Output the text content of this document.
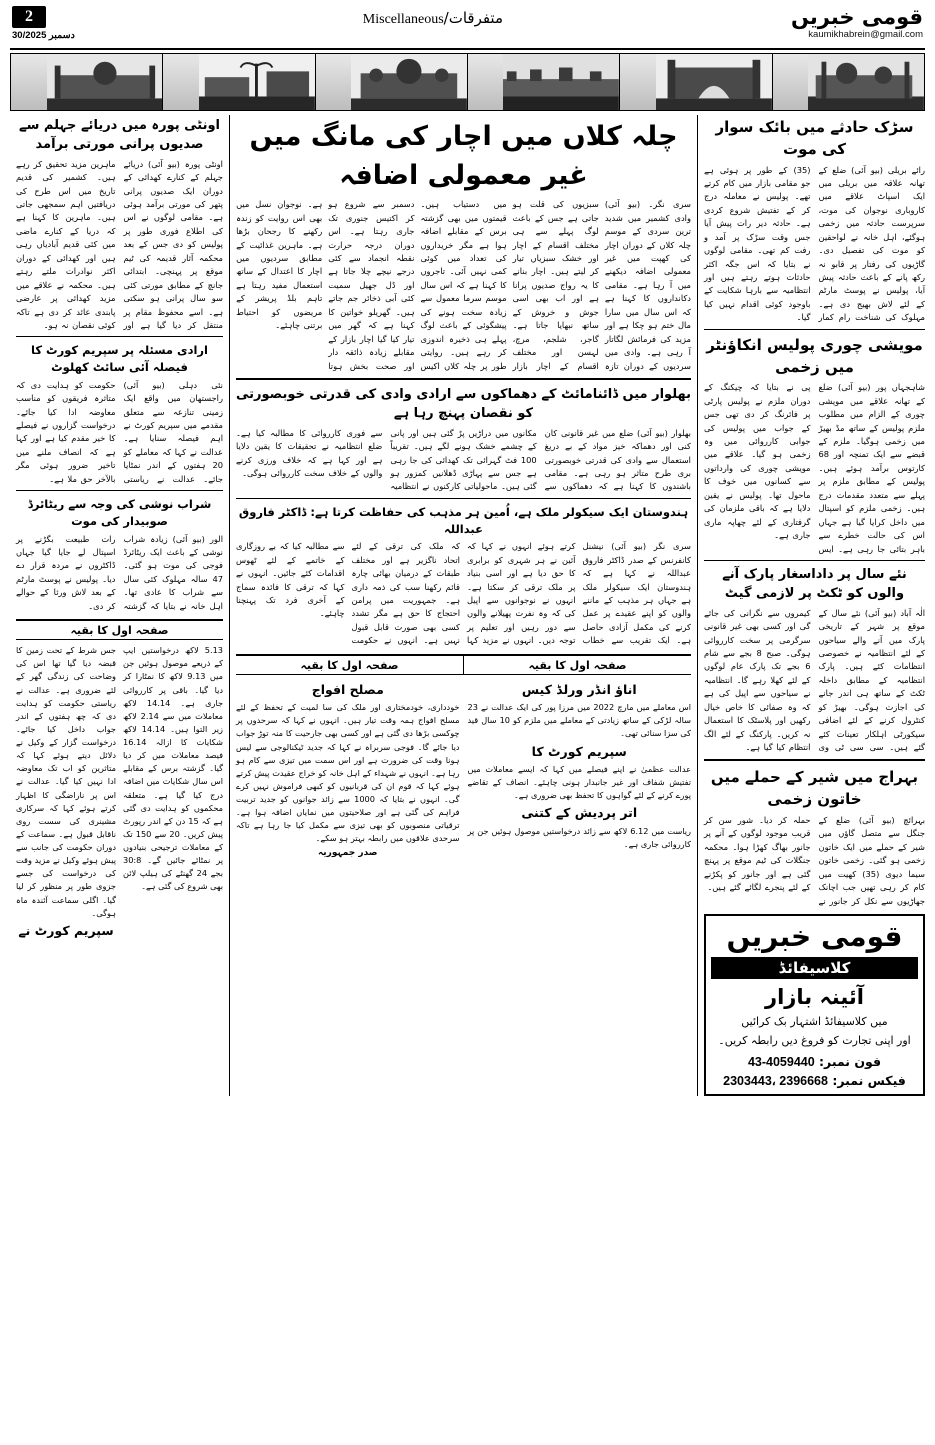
قومی خبریں
kaumikhabrein@gmail.com
متفرقات/Miscellaneous
2
30/دسمبر 2025
سڑک حادثے میں بائک سوار کی موت
رائے بریلی (بیو آئی) ضلع کے تھانہ علاقہ میں بریلی میں ایک اسپاٹ علاقے میں کاروباری نوجوان کی موت، سرپرست حادثہ میں زخمی ہوگئے، اہل خانہ نے لواحقین کو موت کی تفصیل دی۔ گاڑیوں کی رفتار پر قابو نہ رکھ پانے کے باعث حادثہ پیش آیا، پولیس نے پوسٹ مارٹم کے لئے لاش بھیج دی ہے۔ مہلوک کی شناخت رام کمار (35) کے طور پر ہوئی ہے جو مقامی بازار میں کام کرتے تھے۔ پولیس نے معاملہ درج کر کے تفتیش شروع کردی ہے۔ حادثہ دیر رات پیش آیا جس وقت سڑک پر آمد و رفت کم تھی۔ مقامی لوگوں نے بتایا کہ اس جگہ اکثر حادثات ہوتے رہتے ہیں اور انتظامیہ سے بارہا شکایت کے باوجود کوئی اقدام نہیں کیا گیا۔
مویشی چوری پولیس انکاؤنٹر میں زخمی
شاہجہاں پور (بیو آئی) ضلع کے تھانہ علاقے میں مویشی چوری کے الزام میں مطلوب ملزم پولیس کے ساتھ مڈ بھیڑ میں زخمی ہوگیا۔ ملزم کے قبضے سے ایک تمنچہ اور 68 کارتوس برآمد ہوئے ہیں۔ پولیس کے مطابق ملزم پر پہلے سے متعدد مقدمات درج ہیں۔ زخمی ملزم کو اسپتال میں داخل کرایا گیا ہے جہاں اس کی حالت خطرے سے باہر بتائی جا رہی ہے۔ ایس پی نے بتایا کہ چیکنگ کے دوران ملزم نے پولیس پارٹی پر فائرنگ کر دی تھی جس کے جواب میں پولیس کی جوابی کارروائی میں وہ زخمی ہو گیا۔ علاقے میں مویشی چوری کی وارداتوں سے کسانوں میں خوف کا ماحول تھا۔ پولیس نے یقین دلایا ہے کہ باقی ملزمان کی گرفتاری کے لئے چھاپہ ماری جاری ہے۔
نئے سال پر داداسغار پارک آنے والوں کو ٹکٹ پر لازمی گیٹ
الٰہ آباد (بیو آئی) نئے سال کے موقع پر شہر کے تاریخی پارک میں آنے والے سیاحوں کے لئے انتظامیہ نے خصوصی انتظامات کئے ہیں۔ پارک انتظامیہ کے مطابق داخلہ ٹکٹ کے ساتھ ہی اندر جانے کی اجازت ہوگی۔ بھیڑ کو کنٹرول کرنے کے لئے اضافی سیکورٹی اہلکار تعینات کئے گئے ہیں۔ سی سی ٹی وی کیمروں سے نگرانی کی جائے گی اور کسی بھی غیر قانونی سرگرمی پر سخت کارروائی ہوگی۔ صبح 8 بجے سے شام 6 بجے تک پارک عام لوگوں کے لئے کھلا رہے گا۔ انتظامیہ نے سیاحوں سے اپیل کی ہے کہ وہ صفائی کا خاص خیال رکھیں اور پلاسٹک کا استعمال نہ کریں۔ پارکنگ کے لئے الگ انتظام کیا گیا ہے۔
بہراج میں شیر کے حملے میں خاتون زخمی
بہرائچ (بیو آئی) ضلع کے جنگل سے متصل گاؤں میں شیر کے حملے میں ایک خاتون زخمی ہو گئی۔ زخمی خاتون سیما دیوی (35) کھیت میں کام کر رہی تھیں جب اچانک جھاڑیوں سے نکل کر جانور نے حملہ کر دیا۔ شور سن کر قریب موجود لوگوں کے آنے پر جانور بھاگ کھڑا ہوا۔ محکمہ جنگلات کی ٹیم موقع پر پہنچ گئی ہے اور جانور کو پکڑنے کے لئے پنجرے لگائے گئے ہیں۔
قومی خبریں
کلاسیفائڈ
آئینہ بازار
میں کلاسیفائڈ اشتہار بک کرائیں
اور اپنی تجارت کو فروغ دیں رابطہ کریں۔
فون نمبر: 43-4059440
فیکس نمبر: 2303443، 2396668
چلہ کلاں میں اچار کی مانگ میں غیر معمولی اضافہ
سری نگر۔ (بیو آئی) وادی کشمیر میں شدید ترین سردی کے موسم چلہ کلاں کے دوران اچار کی کھپت میں غیر معمولی اضافہ دیکھنے میں آ رہا ہے۔ مقامی دکانداروں کا کہنا ہے کہ اس سال میں سارا مال ختم ہو چکا ہے اور مزید کی فرمائش لگاتار آ رہی ہے۔ وادی میں سردیوں کے دوران تازہ سبزیوں کی قلت ہو جاتی ہے جس کے باعث لوگ پہلے سے ہی مختلف اقسام کے اچار اور خشک سبزیاں تیار کر لیتے ہیں۔ اچار بنانے کا یہ رواج صدیوں پرانا ہے اور اب بھی اسی جوش و خروش کے ساتھ نبھایا جاتا ہے۔ گاجر، شلجم، مرچ، لہسن اور مختلف اقسام کے اچار بازار میں دستیاب ہیں۔ قیمتوں میں بھی گزشتہ برس کے مقابلے اضافہ ہوا ہے مگر خریداروں کی تعداد میں کوئی کمی نہیں آئی۔ تاجروں کا کہنا ہے کہ اس سال موسم سرما معمول سے زیادہ سخت ہونے کی پیشگوئی کے باعث لوگ پہلے ہی ذخیرہ اندوزی کر رہے ہیں۔ روایتی طور پر چلہ کلاں اکیس دسمبر سے شروع ہو کر اکتیس جنوری تک جاری رہتا ہے۔ اس دوران درجہ حرارت نقطہ انجماد سے کئی درجے نیچے چلا جاتا ہے اور ڈل جھیل سمیت کئی آبی ذخائر جم جاتے ہیں۔ گھریلو خواتین کا کہنا ہے کہ گھر میں تیار کیا گیا اچار بازار کے مقابلے زیادہ ذائقہ دار اور صحت بخش ہوتا ہے۔ نوجوان نسل میں بھی اس روایت کو زندہ رکھنے کا رجحان بڑھا ہے۔ ماہرین غذائیت کے مطابق سردیوں میں اچار کا اعتدال کے ساتھ استعمال مفید رہتا ہے تاہم بلڈ پریشر کے مریضوں کو احتیاط برتنی چاہئے۔
بھلوار میں ڈائنامائٹ کے دھماکوں سے ارادی وادی کی قدرتی خوبصورتی کو نقصان پہنچ رہا ہے
بھلوار (بیو آئی) ضلع میں غیر قانونی کان کنی اور دھماکہ خیز مواد کے بے دریغ استعمال سے وادی کی قدرتی خوبصورتی بری طرح متاثر ہو رہی ہے۔ مقامی باشندوں کا کہنا ہے کہ دھماکوں سے مکانوں میں دراڑیں پڑ گئی ہیں اور پانی کے چشمے خشک ہونے لگے ہیں۔ تقریباً 100 فٹ گہرائی تک کھدائی کی جا رہی ہے جس سے پہاڑی ڈھلانیں کمزور ہو گئی ہیں۔ ماحولیاتی کارکنوں نے انتظامیہ سے فوری کارروائی کا مطالبہ کیا ہے۔ ضلع انتظامیہ نے تحقیقات کا یقین دلایا ہے اور کہا ہے کہ خلاف ورزی کرنے والوں کے خلاف سخت کارروائی ہوگی۔
ہندوستان ایک سیکولر ملک ہے، اُمین ہر مذہب کی حفاظت کرتا ہے: ڈاکٹر فاروق عبداللہ
سری نگر (بیو آئی) نیشنل کانفرنس کے صدر ڈاکٹر فاروق عبداللہ نے کہا ہے کہ ہندوستان ایک سیکولر ملک ہے جہاں ہر مذہب کے ماننے والوں کو اپنے عقیدے پر عمل کرنے کی مکمل آزادی حاصل ہے۔ ایک تقریب سے خطاب کرتے ہوئے انہوں نے کہا کہ آئین نے ہر شہری کو برابری کا حق دیا ہے اور اسی بنیاد پر ملک ترقی کر سکتا ہے۔ انہوں نے نوجوانوں سے اپیل کی کہ وہ نفرت پھیلانے والوں سے دور رہیں اور تعلیم پر توجہ دیں۔ انہوں نے مزید کہا کہ ملک کی ترقی کے لئے اتحاد ناگزیر ہے اور مختلف طبقات کے درمیان بھائی چارہ قائم رکھنا سب کی ذمہ داری ہے۔ جمہوریت میں پرامن احتجاج کا حق ہے مگر تشدد کسی بھی صورت قابل قبول نہیں ہے۔ انہوں نے حکومت سے مطالبہ کیا کہ بے روزگاری کے خاتمے کے لئے ٹھوس اقدامات کئے جائیں۔ انہوں نے کہا کہ ترقی کا فائدہ سماج کے آخری فرد تک پہنچنا چاہئے۔
صفحہ اول کا بقیہ
صفحہ اول کا بقیہ
اناؤ انڈر ورلڈ کیس
اس معاملے میں مارچ 2022 میں مرزا پور کی ایک عدالت نے 23 سالہ لڑکی کے ساتھ زیادتی کے معاملے میں ملزم کو 10 سال قید کی سزا سنائی تھی۔
سپریم کورٹ کا
عدالت عظمیٰ نے اپنے فیصلے میں کہا کہ ایسے معاملات میں تفتیش شفاف اور غیر جانبدار ہونی چاہئے۔ انصاف کے تقاضے پورے کرنے کے لئے گواہوں کا تحفظ بھی ضروری ہے۔
اتر پردیش کے کتنی
ریاست میں 6.12 لاکھ سے زائد درخواستیں موصول ہوئیں جن پر کارروائی جاری ہے۔
مصلح افواج
خودداری، خودمختاری اور ملک کی سا لمیت کے تحفظ کے لئے مسلح افواج ہمہ وقت تیار ہیں۔ انہوں نے کہا کہ سرحدوں پر چوکسی بڑھا دی گئی ہے اور کسی بھی جارحیت کا منہ توڑ جواب دیا جائے گا۔ فوجی سربراہ نے کہا کہ جدید ٹیکنالوجی سے لیس ہونا وقت کی ضرورت ہے اور اس سمت میں تیزی سے کام ہو رہا ہے۔ انہوں نے شہداء کے اہل خانہ کو خراج عقیدت پیش کرتے ہوئے کہا کہ قوم ان کی قربانیوں کو کبھی فراموش نہیں کرے گی۔ انہوں نے بتایا کہ 1000 سے زائد جوانوں کو جدید تربیت فراہم کی گئی ہے اور صلاحیتوں میں نمایاں اضافہ ہوا ہے۔ ترقیاتی منصوبوں کو بھی تیزی سے مکمل کیا جا رہا ہے تاکہ سرحدی علاقوں میں رابطہ بہتر ہو سکے۔
صدر جمہوریہ
اونٹی پورہ میں دریائے جہلم سے صدیوں پرانی مورتی برآمد
اونٹی پورہ (بیو آئی) دریائے جہلم کے کنارے کھدائی کے دوران ایک صدیوں پرانی پتھر کی مورتی برآمد ہوئی ہے۔ مقامی لوگوں نے اس کی اطلاع فوری طور پر پولیس کو دی جس کے بعد محکمہ آثار قدیمہ کی ٹیم موقع پر پہنچی۔ ابتدائی جانچ کے مطابق مورتی کئی سو سال پرانی ہو سکتی ہے۔ اسے محفوظ مقام پر منتقل کر دیا گیا ہے اور ماہرین مزید تحقیق کر رہے ہیں۔ کشمیر کی قدیم تاریخ میں اس طرح کی دریافتیں اہم سمجھی جاتی ہیں۔ ماہرین کا کہنا ہے کہ دریا کے کنارے ماضی میں کئی قدیم آبادیاں رہی ہیں اور کھدائی کے دوران اکثر نوادرات ملتے رہتے ہیں۔ محکمہ نے علاقے میں مزید کھدائی پر عارضی پابندی عائد کر دی ہے تاکہ کوئی نقصان نہ ہو۔
ارادی مسئلہ پر سپریم کورٹ کا فیصلہ آئی سائٹ کھلوٹ
نئی دہلی (بیو آئی) راجستھان میں واقع ایک زمینی تنازعہ سے متعلق مقدمے میں سپریم کورٹ نے اہم فیصلہ سنایا ہے۔ عدالت نے کہا کہ معاملے کو 20 ہفتوں کے اندر نمٹایا جائے۔ عدالت نے ریاستی حکومت کو ہدایت دی کہ متاثرہ فریقوں کو مناسب معاوضہ ادا کیا جائے۔ درخواست گزاروں نے فیصلے کا خیر مقدم کیا ہے اور کہا ہے کہ انصاف ملنے میں تاخیر ضرور ہوئی مگر بالآخر حق ملا ہے۔
شراب نوشی کی وجہ سے ریٹائرڈ صوبیدار کی موت
الور (بیو آئی) زیادہ شراب نوشی کے باعث ایک ریٹائرڈ فوجی کی موت ہو گئی۔ 47 سالہ مہلوک کئی سال سے شراب کا عادی تھا۔ اہل خانہ نے بتایا کہ گزشتہ رات طبیعت بگڑنے پر اسپتال لے جایا گیا جہاں ڈاکٹروں نے مردہ قرار دے دیا۔ پولیس نے پوسٹ مارٹم کے بعد لاش ورثا کے حوالے کر دی۔
صفحہ اول کا بقیہ
5.13 لاکھ درخواستیں ایپ کے ذریعے موصول ہوئیں جن میں 9.13 لاکھ کا نمٹارا کر دیا گیا۔ باقی پر کارروائی جاری ہے۔ 14.14 لاکھ معاملات میں سے 2.14 لاکھ زیر التوا ہیں۔ 14.14 لاکھ شکایات کا ازالہ 16.14 فیصد معاملات میں کر دیا گیا۔ گزشتہ برس کے مقابلے اس سال شکایات میں اضافہ درج کیا گیا ہے۔ متعلقہ محکموں کو ہدایت دی گئی ہے کہ 15 دن کے اندر رپورٹ پیش کریں۔ 20 سے 150 تک کے معاملات ترجیحی بنیادوں پر نمٹائے جائیں گے۔ 30:8 بجے 24 گھنٹے کی ہیلپ لائن بھی شروع کی گئی ہے۔
جس شرط کے تحت زمین کا قبضہ دیا گیا تھا اس کی وضاحت کی زندگی گھر کے لئے ضروری ہے۔ عدالت نے ریاستی حکومت کو ہدایت دی کہ چھ ہفتوں کے اندر جواب داخل کیا جائے۔ درخواست گزار کے وکیل نے دلائل دیتے ہوئے کہا کہ متاثرین کو اب تک معاوضہ ادا نہیں کیا گیا۔ عدالت نے اس پر ناراضگی کا اظہار کرتے ہوئے کہا کہ سرکاری مشینری کی سست روی ناقابل قبول ہے۔ سماعت کے دوران حکومت کی جانب سے پیش ہوئے وکیل نے مزید وقت کی درخواست کی جسے جزوی طور پر منظور کر لیا گیا۔ اگلی سماعت آئندہ ماہ ہوگی۔
سپریم کورٹ نے
